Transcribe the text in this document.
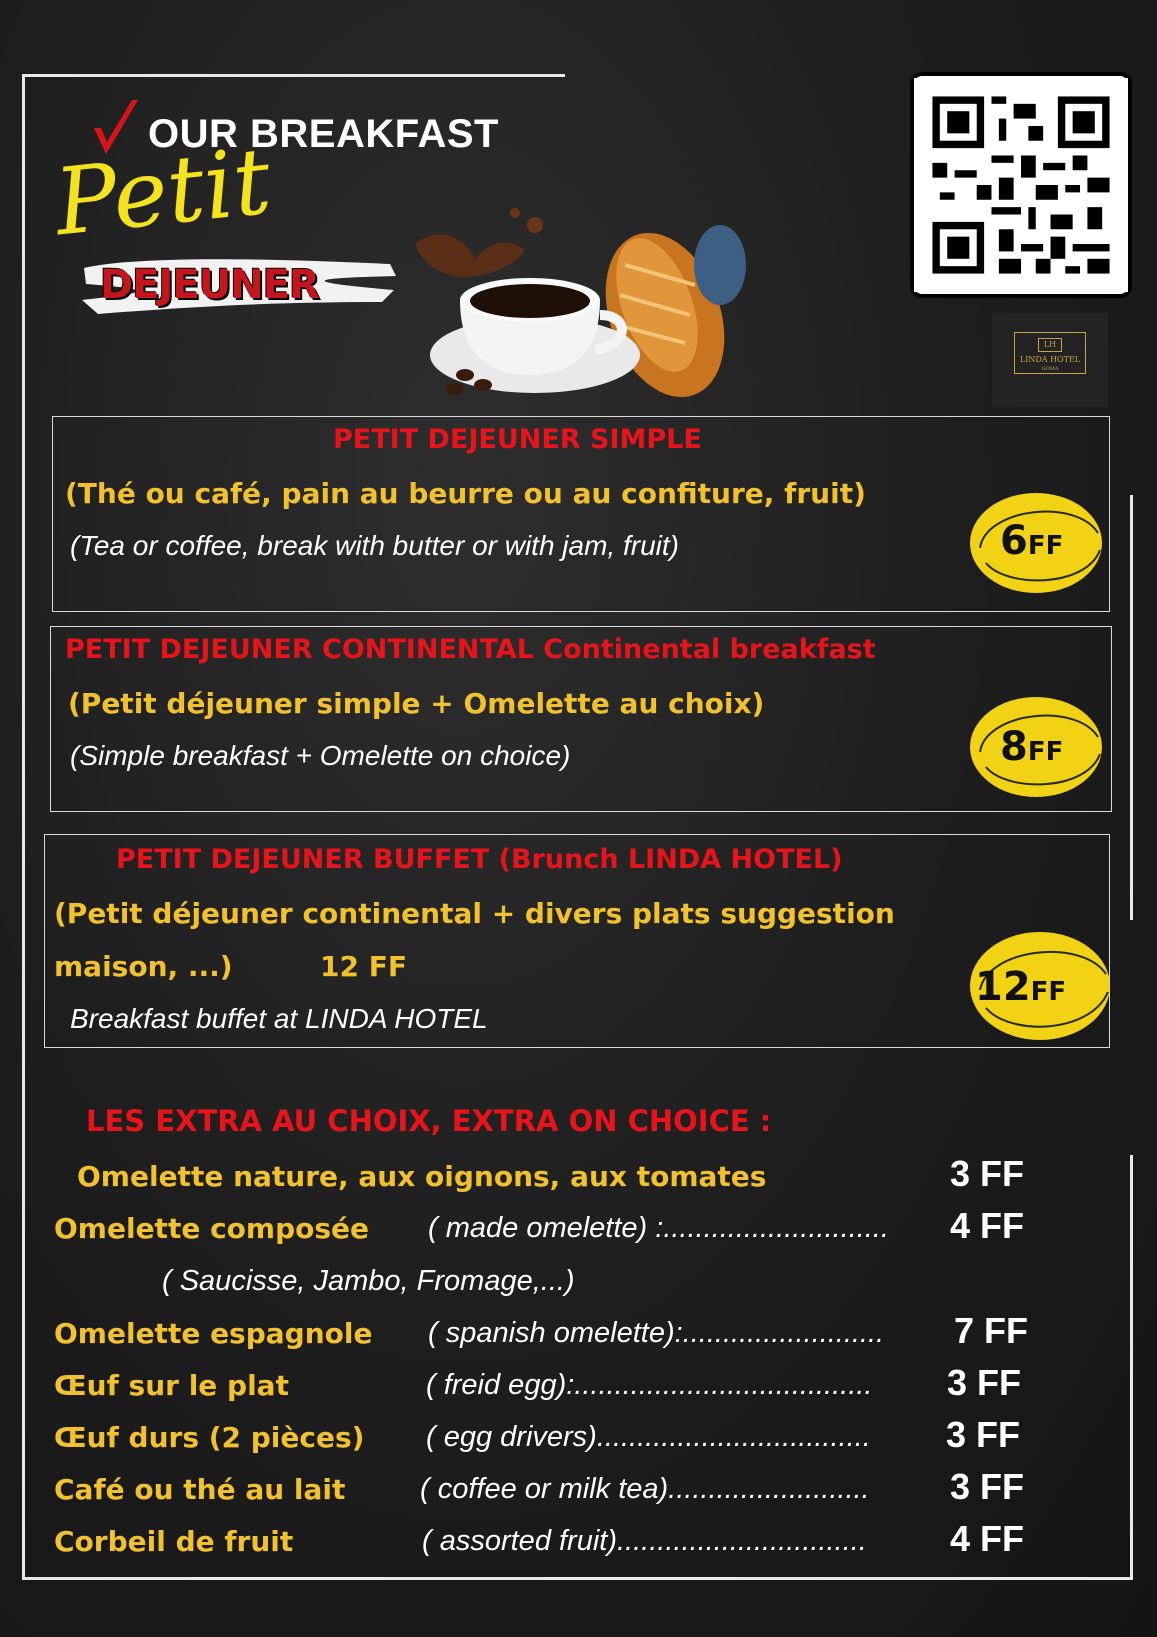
OUR BREAKFAST
Petit
DEJEUNER
LH
LINDA HOTEL
GOMA
PETIT DEJEUNER SIMPLE
(Thé ou café, pain au beurre ou au confiture, fruit)
(Tea or coffee, break with butter or with jam, fruit)	6FF
PETIT DEJEUNER CONTINENTAL Continental breakfast
(Petit déjeuner simple + Omelette au choix)
(Simple breakfast + Omelette on choice)	8FF
PETIT DEJEUNER BUFFET (Brunch LINDA HOTEL)
(Petit déjeuner continental + divers plats suggestion
maison, ...)	12 FF
Breakfast buffet at LINDA HOTEL
12FF
LES EXTRA AU CHOIX, EXTRA ON CHOICE :
Omelette nature, aux oignons, aux tomates	3 FF
Omelette composée ( made omelette) :............................ 4 FF
( Saucisse, Jambo, Fromage,...)
Omelette espagnole ( spanish omelette):......................... 7 FF
Œuf sur le plat	( freid egg):..................................... 3 FF
Œuf durs (2 pièces) ( egg drivers).................................. 3 FF
Café ou thé au lait	( coffee or milk tea)......................... 3 FF
Corbeil de fruit	( assorted fruit)............................... 4 FF
